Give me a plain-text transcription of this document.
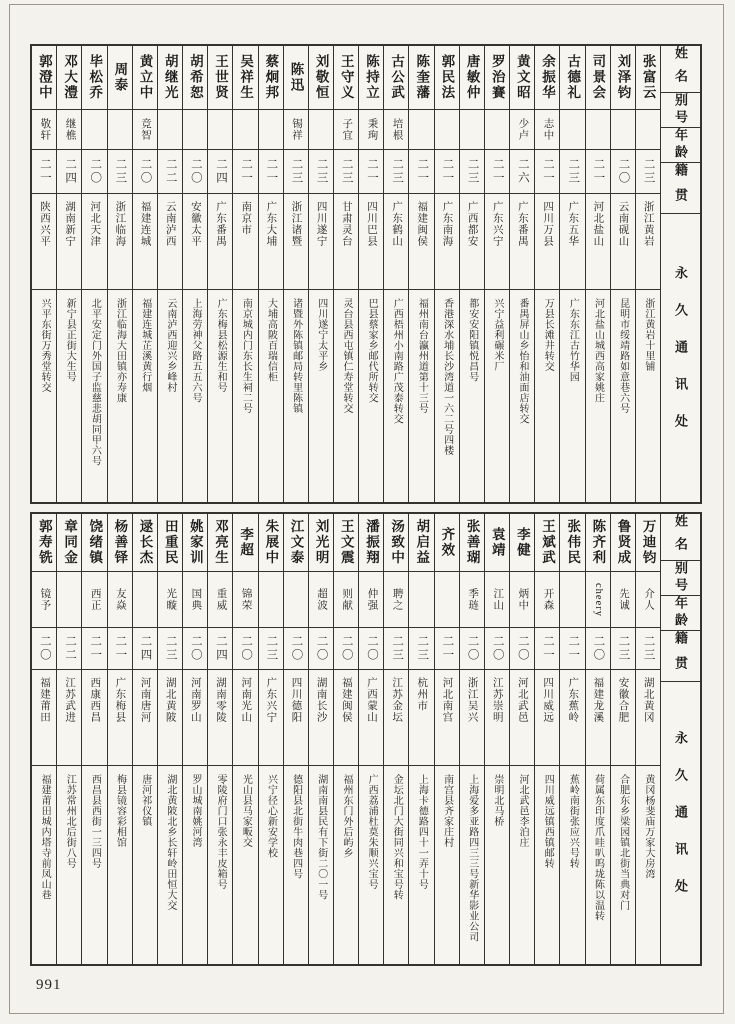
姓名
别号
年龄
籍贯
永久通讯处
张富云
二三
浙江黄岩
浙江黄岩十里铺
刘泽钧
二〇
云南砚山
昆明市绥靖路如意巷六号
司景会
二一
河北盐山
河北盐山城西高家姚庄
古德礼
二三
广东五华
广东东江古竹华园
余振华
志中
二一
四川万县
万县长滩井转交
黄文昭
少卢
二六
广东番禺
番禺屏山乡怡和油面店转交
罗治賽
二一
广东兴宁
兴宁益利碾米厂
唐敏仲
二三
广西都安
都安安阳镇悦昌号
郭民法
二一
广东南海
香港深水埔长沙湾道一六二号四楼
陈奎藩
二一
福建闽侯
福州南台瀛州道第十三号
古公武
培根
二三
广东鹤山
广西梧州小南路广茂泰转交
陈持立
秉珣
二一
四川巴县
巴县蔡家乡邮代所转交
王守义
子宜
二三
甘肃灵台
灵台县西屯镇仁寿堂转交
刘敬恒
二三
四川遂宁
四川遂宁太平乡
陈迅
锡祥
二三
浙江诸暨
诸暨外陈镇邮局转里陈镇
蔡炯邦
二一
广东大埔
大埔高陂百瑞信柜
吴祥生
二一
南京市
南京城内门东长生祠二号
王世贤
二四
广东番禺
广东梅县松源生和号
胡希恕
二〇
安徽太平
上海劳神父路五五六号
胡继光
二二
云南泸西
云南泸西迎兴乡峰村
黄立中
竞智
二〇
福建连城
福建连城芷溪黄行烟
周泰
二三
浙江临海
浙江临海大田镇亦寿康
毕松乔
二〇
河北天津
北平安定门外国子监慈悲胡同甲六号
邓大澧
继樵
二四
湖南新宁
新宁县正街大生号
郭澄中
敬轩
二一
陕西兴平
兴平东街万秀堂转交
姓名
别号
年龄
籍贯
永久通讯处
万迪钧
介人
二三
湖北黄冈
黄冈杨斐庙万家大房湾
鲁贤成
先诚
二三
安徽合肥
合肥东乡梁园镇北街当典对门
陈齐利
cheery
二〇
福建龙溪
荷属东印度爪哇叭呜垅陈以温转
张伟民
二一
广东蕉岭
蕉岭南街张应兴号转
王斌武
开森
二一
四川威远
四川威远镇西镇邮转
李健
炳中
二〇
河北武邑
河北武邑李泊庄
袁靖
江山
二〇
江苏崇明
崇明北马桥
张善瑚
季琏
二〇
浙江吴兴
上海爱多亚路四三三号新华影业公司
齐效
二一
河北南宫
南宫县齐家庄村
胡启益
二三
杭州市
上海卡德路四十一弄十号
汤致中
聘之
二三
江苏金坛
金坛北门大街同兴和宝号转
潘振翔
仲强
二〇
广西蒙山
广西荔浦杜莫朱顺兴宝号
王文震
则献
二〇
福建闽侯
福州东门外后屿乡
刘光明
超波
二〇
湖南长沙
湖南南县民有下街二〇一号
江文泰
二〇
四川德阳
德阳县北街牛肉巷四号
朱展中
二三
广东兴宁
兴宁径心新安学校
李超
锦荣
二〇
河南光山
光山县马家畈交
邓亮生
重威
二四
湖南零陵
零陵府门口张永丰皮箱号
姚家训
国典
二〇
河南罗山
罗山城南姚河湾
田重民
光暶
二三
湖北黄陂
湖北黄陂北乡长轩岭田恒大交
逯长杰
二四
河南唐河
唐河祁仪镇
杨善铎
友焱
二一
广东梅县
梅县镜容彩相馆
饶绪镇
西正
二一
西康西昌
西昌县西街一三四号
章同金
二二
江苏武进
江苏常州北后街八号
郭寿铣
镜予
二〇
福建莆田
福建莆田城内塔寺前凤山巷
991
